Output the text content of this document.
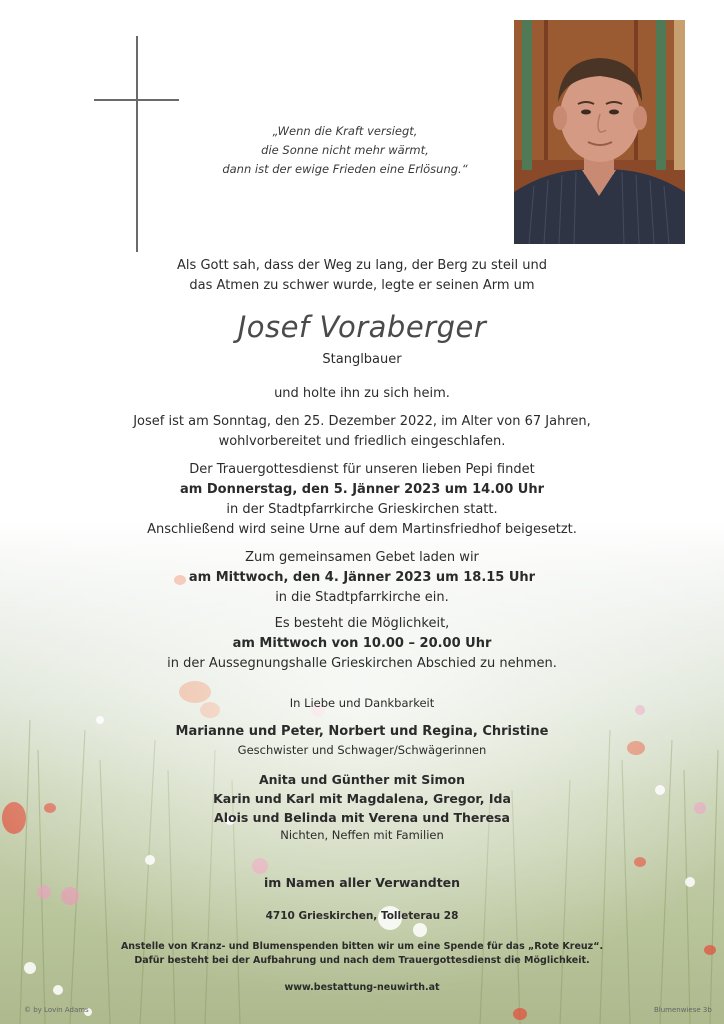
„Wenn die Kraft versiegt,
die Sonne nicht mehr wärmt,
dann ist der ewige Frieden eine Erlösung.“
Als Gott sah, dass der Weg zu lang, der Berg zu steil und
das Atmen zu schwer wurde, legte er seinen Arm um
Josef Voraberger
Stanglbauer
und holte ihn zu sich heim.
Josef ist am Sonntag, den 25. Dezember 2022, im Alter von 67 Jahren,
wohlvorbereitet und friedlich eingeschlafen.
Der Trauergottesdienst für unseren lieben Pepi findet
am Donnerstag, den 5. Jänner 2023 um 14.00 Uhr
in der Stadtpfarrkirche Grieskirchen statt.
Anschließend wird seine Urne auf dem Martinsfriedhof beigesetzt.
Zum gemeinsamen Gebet laden wir
am Mittwoch, den 4. Jänner 2023 um 18.15 Uhr
in die Stadtpfarrkirche ein.
Es besteht die Möglichkeit,
am Mittwoch von 10.00 – 20.00 Uhr
in der Aussegnungshalle Grieskirchen Abschied zu nehmen.
In Liebe und Dankbarkeit
Marianne und Peter, Norbert und Regina, Christine
Geschwister und Schwager/Schwägerinnen
Anita und Günther mit Simon
Karin und Karl mit Magdalena, Gregor, Ida
Alois und Belinda mit Verena und Theresa
Nichten, Neffen mit Familien
im Namen aller Verwandten
4710 Grieskirchen, Tolleterau 28
Anstelle von Kranz- und Blumenspenden bitten wir um eine Spende für das „Rote Kreuz“.
Dafür besteht bei der Aufbahrung und nach dem Trauergottesdienst die Möglichkeit.
www.bestattung-neuwirth.at
© by Lovin Adams	Blumenwiese 3b
